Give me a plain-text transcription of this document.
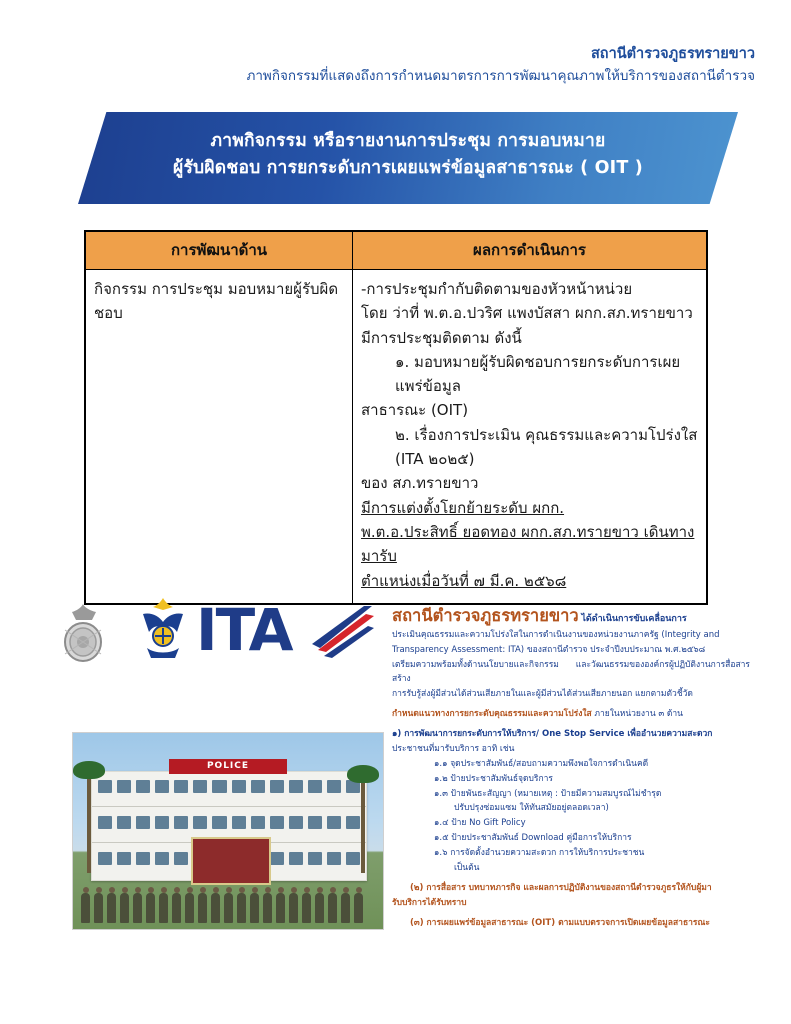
สถานีตำรวจภูธรทรายขาว
ภาพกิจกรรมที่แสดงถึงการกำหนดมาตรการการพัฒนาคุณภาพให้บริการของสถานีตำรวจ
ภาพกิจกรรม หรือรายงานการประชุม การมอบหมาย
ผู้รับผิดชอบ การยกระดับการเผยแพร่ข้อมูลสาธารณะ ( OIT )
การพัฒนาด้าน	ผลการดำเนินการ
กิจกรรม การประชุม มอบหมายผู้รับผิดชอบ	-การประชุมกำกับติดตามของหัวหน้าหน่วย
โดย ว่าที่ พ.ต.อ.ปวริศ แพงบัสสา ผกก.สภ.ทรายขาว
มีการประชุมติดตาม ดังนี้

๑. มอบหมายผู้รับผิดชอบการยกระดับการเผยแพร่ข้อมูล
สาธารณะ (OIT)

๒. เรื่องการประเมิน คุณธรรมและความโปร่งใส (ITA ๒๐๒๕)
ของ สภ.ทรายขาว

มีการแต่งตั้งโยกย้ายระดับ ผกก.
พ.ต.อ.ประสิทธิ์ ยอดทอง ผกก.สภ.ทรายขาว เดินทางมารับ
ตำแหน่งเมื่อวันที่ ๗ มี.ค. ๒๕๖๘
ITA
POLICE

สถานีตำรวจภูธรทรายขาว ได้ดำเนินการขับเคลื่อนการ

ประเมินคุณธรรมและความโปร่งใสในการดำเนินงานของหน่วยงานภาครัฐ (Integrity and

Transparency Assessment: ITA) ของสถานีตำรวจ ประจำปีงบประมาณ พ.ศ.๒๕๖๘

เตรียมความพร้อมทั้งด้านนโยบายและกิจกรรม และวัฒนธรรมขององค์กรผู้ปฏิบัติงานการสื่อสารสร้าง

การรับรู้ส่งผู้มีส่วนได้ส่วนเสียภายในและผู้มีส่วนได้ส่วนเสียภายนอก แยกตามตัวชี้วัด

กำหนดแนวทางการยกระดับคุณธรรมและความโปร่งใส ภายในหน่วยงาน ๓ ด้าน

๑) การพัฒนาการยกระดับการให้บริการ/ One Stop Service เพื่ออำนวยความสะดวก

ประชาชนที่มารับบริการ อาทิ เช่น

๑.๑ จุดประชาสัมพันธ์/สอบถามความพึงพอใจการดำเนินคดี

๑.๒ ป้ายประชาสัมพันธ์จุดบริการ

๑.๓ ป้ายพันธะสัญญา (หมายเหตุ : ป้ายมีความสมบูรณ์ไม่ชำรุด

ปรับปรุงซ่อมแซม ให้ทันสมัยอยู่ตลอดเวลา)

๑.๔ ป้าย No Gift Policy

๑.๕ ป้ายประชาสัมพันธ์ Download คู่มือการให้บริการ

๑.๖ การจัดตั้งอำนวยความสะดวก การให้บริการประชาชน

เป็นต้น

(๒) การสื่อสาร บทบาทภารกิจ และผลการปฏิบัติงานของสถานีตำรวจภูธรให้กับผู้มา

รับบริการได้รับทราบ

(๓) การเผยแพร่ข้อมูลสาธารณะ (OIT) ตามแบบตรวจการเปิดเผยข้อมูลสาธารณะ
